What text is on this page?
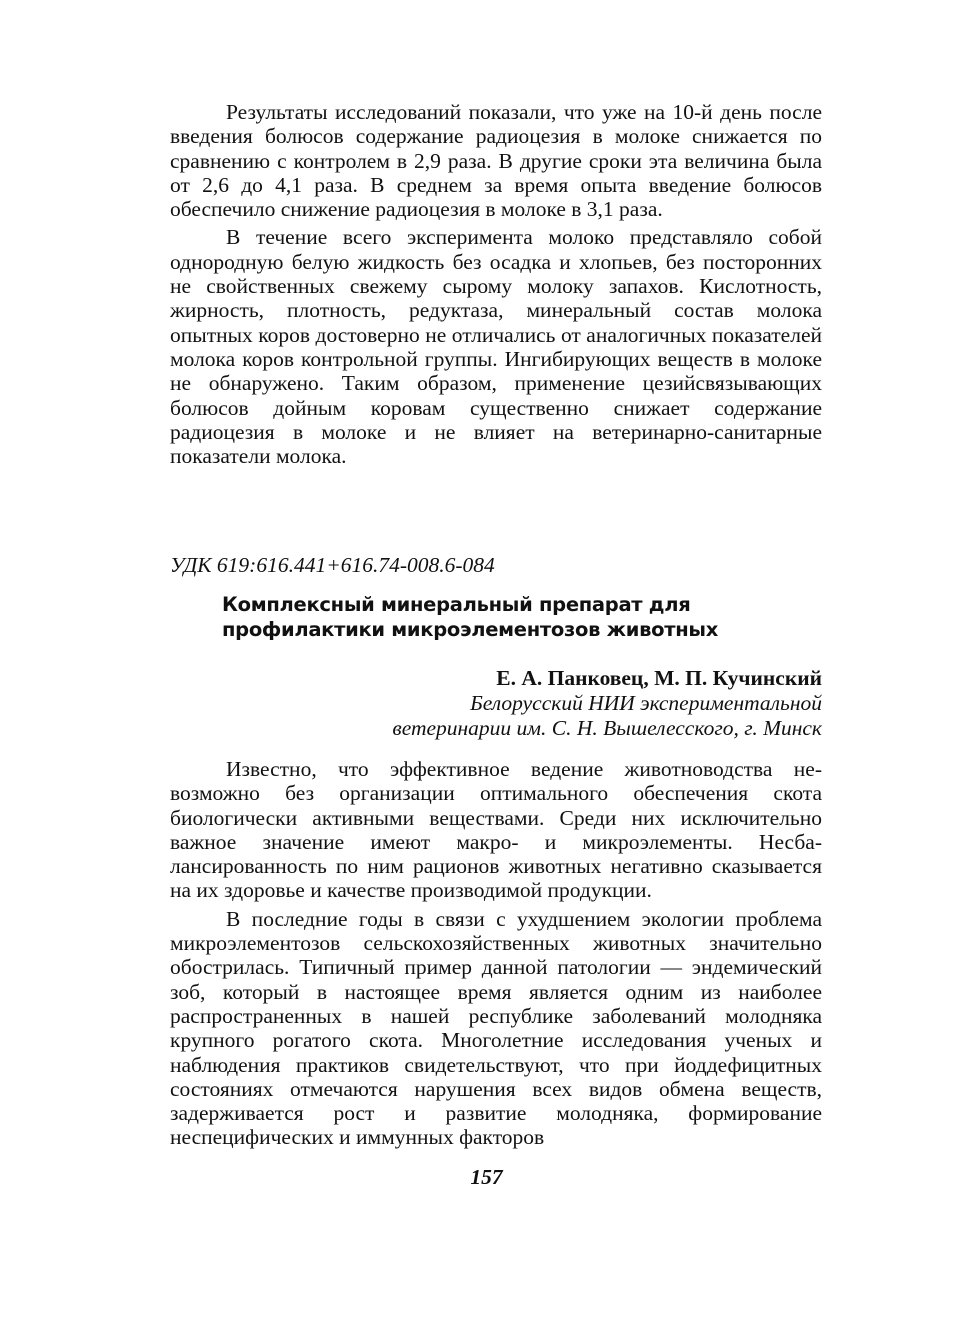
Результаты исследований показали, что уже на 10-й день после введения болюсов содержание радиоцезия в молоке снижается по сравнению с контролем в 2,9 раза. В другие сроки эта величина была от 2,6 до 4,1 раза. В среднем за время опыта введение болюсов обеспечило снижение радиоцезия в молоке в 3,1 раза.

В течение всего эксперимента молоко представляло собой однородную белую жидкость без осадка и хлопьев, без посторонних не свойственных свежему сырому молоку запахов. Кислотность, жирность, плотность, редуктаза, минеральный состав молока опытных коров достоверно не отличались от аналогичных показателей молока коров контрольной группы. Ингибирующих веществ в молоке не обнаружено. Таким образом, применение цезийсвязывающих болюсов дойным коровам существенно снижает содержание радиоцезия в молоке и не влияет на ветеринарно-санитарные показатели молока.

УДК 619:616.441+616.74-008.6-084

Комплексный минеральный препарат для
профилактики микроэлементозов животных

Е. А. Панковец, М. П. Кучинский

Белорусский НИИ экспериментальной

ветеринарии им. С. Н. Вышелесского, г. Минск

Известно, что эффективное ведение животноводства невозможно без организации оптимального обеспечения скота биологически активными веществами. Среди них исключительно важное значение имеют макро- и микроэлементы. Несбалансированность по ним рационов животных негативно сказывается на их здоровье и качестве производимой продукции.

В последние годы в связи с ухудшением экологии проблема микроэлементозов сельскохозяйственных животных значительно обострилась. Типичный пример данной патологии — эндемический зоб, который в настоящее время является одним из наиболее распространенных в нашей республике заболеваний молодняка крупного рогатого скота. Многолетние исследования ученых и наблюдения практиков свидетельствуют, что при йоддефицитных состояниях отмечаются нарушения всех видов обмена веществ, задерживается рост и развитие молодняка, формирование неспецифических и иммунных факторов

157
